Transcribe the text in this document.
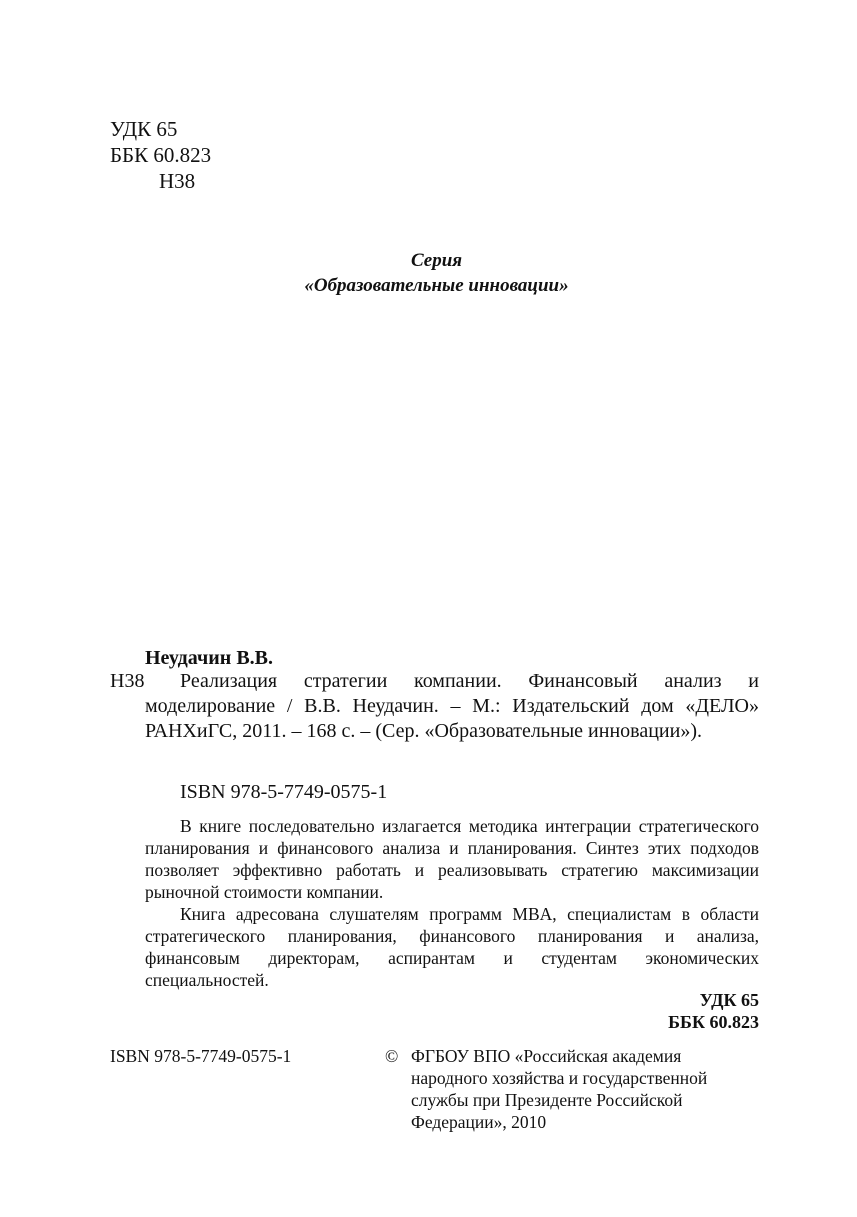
УДК 65
ББК 60.823
Н38
Серия
«Образовательные инновации»
Неудачин В.В.
Н38	Реализация стратегии компании. Финансовый анализ и моделирование / В.В. Неудачин. – М.: Издательский дом «ДЕЛО» РАНХиГС, 2011. – 168 с. – (Сер. «Образовательные инновации»).
ISBN 978-5-7749-0575-1

В книге последовательно излагается методика интеграции стратегического планирования и финансового анализа и планирования. Синтез этих подходов позволяет эффективно работать и реализовывать стратегию максимизации рыночной стоимости компании.

Книга адресована слушателям программ MBA, специалистам в области стратегического планирования, финансового планирования и анализа, финансовым директорам, аспирантам и студентам экономических специальностей.

УДК 65
ББК 60.823
ISBN 978-5-7749-0575-1	© ФГБОУ ВПО «Российская академия народного хозяйства и государственной службы при Президенте Российской Федерации», 2010
